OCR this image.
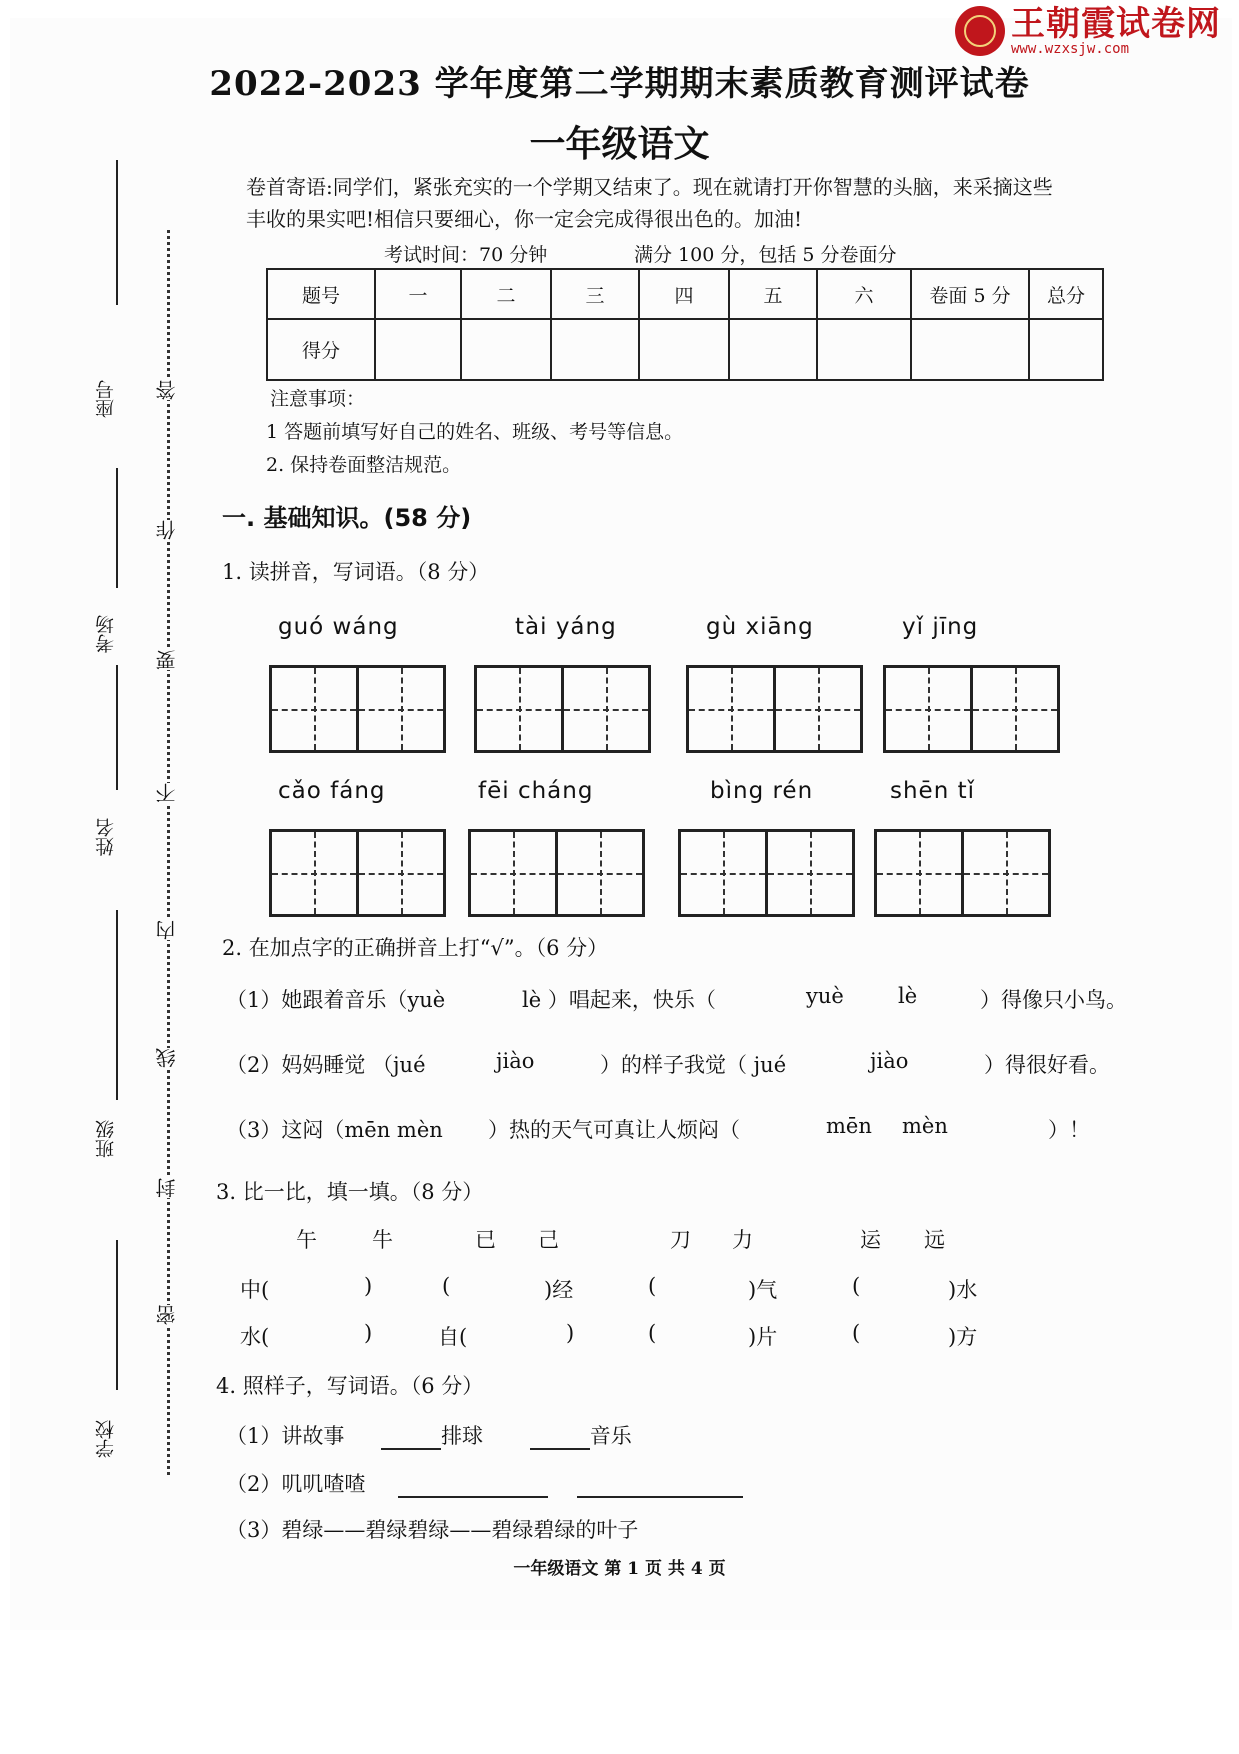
王朝霞试卷网
www.wzxsjw.com
2022-2023 学年度第二学期期末素质教育测评试卷
一年级语文
卷首寄语:同学们，紧张充实的一个学期又结束了。现在就请打开你智慧的头脑，来采摘这些
丰收的果实吧!相信只要细心，你一定会完成得很出色的。加油!
考试时间：70 分钟	满分 100 分，包括 5 分卷面分
题号	一	二	三	四	五	六	卷面 5 分	总分
得分								
注意事项：
1 答题前填写好自己的姓名、班级、考号等信息。
2. 保持卷面整洁规范。
座号
考场
姓名
班级
学校
答
作
要
不
内
线
封
密
一. 基础知识。(58 分)
1. 读拼音，写词语。（8 分）
guó wáng	tài yáng	gù xiāng	yǐ jīng
cǎo fáng	fēi cháng	bìng rén	shēn tǐ
2. 在加点字的正确拼音上打“√”。（6 分）
（1）她跟着音乐（yuè	lè ）唱起来，快乐（	yuè	lè	）得像只小鸟。
（2）妈妈睡觉 （jué	jiào	）的样子我觉（ jué	jiào	）得很好看。
（3）这闷（mēn mèn ）热的天气可真让人烦闷（	mēn mèn	）！
3. 比一比，填一填。（8 分）
午	牛	已 己	刀 力	运 远
中(	)	(	)经	(	)气	(	)水
水(	)	自(	)	(	)片	(	)方
4. 照样子，写词语。（6 分）
（1）讲故事	排球	音乐
（2）叽叽喳喳
（3）碧绿——碧绿碧绿——碧绿碧绿的叶子
一年级语文 第 1 页 共 4 页
